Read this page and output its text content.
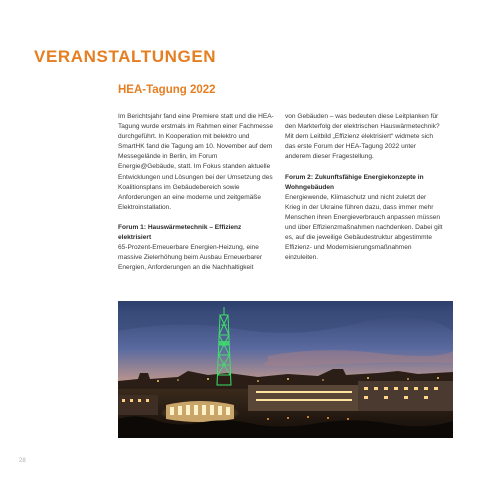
VERANSTALTUNGEN
HEA-Tagung 2022

Im Berichtsjahr fand eine Premiere statt und die HEA-Tagung wurde erstmals im Rahmen einer Fachmesse durchgeführt. In Kooperation mit belektro und SmartHK fand die Tagung am 10. November auf dem Messegelände in Berlin, im Forum Energie@Gebäude, statt. Im Fokus standen aktuelle Entwicklungen und Lösungen bei der Umsetzung des Koalitionsplans im Gebäudebereich sowie Anforderungen an eine moderne und zeitgemäße Elektroinstallation.

Forum 1: Hauswärmetechnik – Effizienz elektrisiert

65-Prozent-Erneuerbare Energien-Heizung, eine massive Zielerhöhung beim Ausbau Erneuerbarer Energien, Anforderungen an die Nachhaltigkeit

von Gebäuden – was bedeuten diese Leitplanken für den Markterfolg der elektrischen Hauswärmetechnik? Mit dem Leitbild „Effizienz elektrisiert“ widmete sich das erste Forum der HEA-Tagung 2022 unter anderem dieser Fragestellung.

Forum 2: Zukunftsfähige Energiekonzepte in Wohngebäuden

Energiewende, Klimaschutz und nicht zuletzt der Krieg in der Ukraine führen dazu, dass immer mehr Menschen ihren Energieverbrauch anpassen müssen und über Effizienzmaßnahmen nachdenken. Dabei gilt es, auf die jeweilige Gebäudestruktur abgestimmte Effizienz- und Modernisierungsmaßnahmen einzuleiten.

28
